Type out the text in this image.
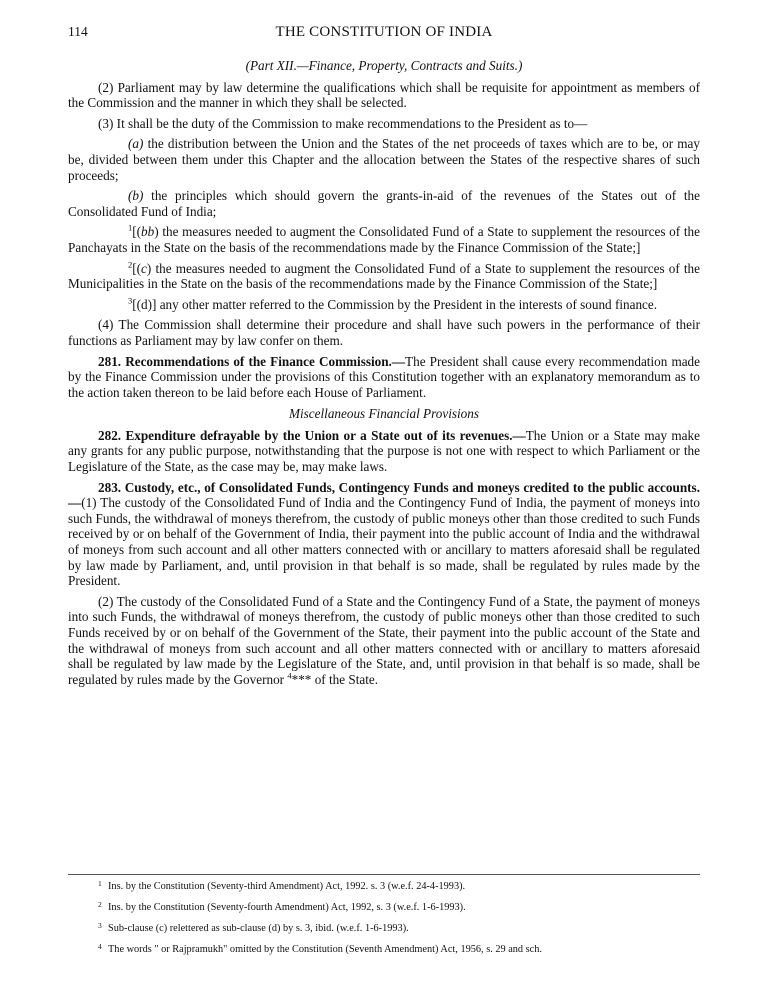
114	THE CONSTITUTION OF INDIA
(Part XII.—Finance, Property, Contracts and Suits.)

(2) Parliament may by law determine the qualifications which shall be requisite for appointment as members of the Commission and the manner in which they shall be selected.

(3) It shall be the duty of the Commission to make recommendations to the President as to—

(a) the distribution between the Union and the States of the net proceeds of taxes which are to be, or may be, divided between them under this Chapter and the allocation between the States of the respective shares of such proceeds;

(b) the principles which should govern the grants-in-aid of the revenues of the States out of the Consolidated Fund of India;

$^1$[(bb) the measures needed to augment the Consolidated Fund of a State to supplement the resources of the Panchayats in the State on the basis of the recommendations made by the Finance Commission of the State;]

$^2$[(c) the measures needed to augment the Consolidated Fund of a State to supplement the resources of the Municipalities in the State on the basis of the recommendations made by the Finance Commission of the State;]

$^3$[(d)] any other matter referred to the Commission by the President in the interests of sound finance.

(4) The Commission shall determine their procedure and shall have such powers in the performance of their functions as Parliament may by law confer on them.

281. Recommendations of the Finance Commission.—The President shall cause every recommendation made by the Finance Commission under the provisions of this Constitution together with an explanatory memorandum as to the action taken thereon to be laid before each House of Parliament.

Miscellaneous Financial Provisions

282. Expenditure defrayable by the Union or a State out of its revenues.—The Union or a State may make any grants for any public purpose, notwithstanding that the purpose is not one with respect to which Parliament or the Legislature of the State, as the case may be, may make laws.

283. Custody, etc., of Consolidated Funds, Contingency Funds and moneys credited to the public accounts.—(1) The custody of the Consolidated Fund of India and the Contingency Fund of India, the payment of moneys into such Funds, the withdrawal of moneys therefrom, the custody of public moneys other than those credited to such Funds received by or on behalf of the Government of India, their payment into the public account of India and the withdrawal of moneys from such account and all other matters connected with or ancillary to matters aforesaid shall be regulated by law made by Parliament, and, until provision in that behalf is so made, shall be regulated by rules made by the President.

(2) The custody of the Consolidated Fund of a State and the Contingency Fund of a State, the payment of moneys into such Funds, the withdrawal of moneys therefrom, the custody of public moneys other than those credited to such Funds received by or on behalf of the Government of the State, their payment into the public account of the State and the withdrawal of moneys from such account and all other matters connected with or ancillary to matters aforesaid shall be regulated by law made by the Legislature of the State, and, until provision in that behalf is so made, shall be regulated by rules made by the Governor $^4$*** of the State.

1 Ins. by the Constitution (Seventy-third Amendment) Act, 1992. s. 3 (w.e.f. 24-4-1993).
2 Ins. by the Constitution (Seventy-fourth Amendment) Act, 1992, s. 3 (w.e.f. 1-6-1993).
3 Sub-clause (c) relettered as sub-clause (d) by s. 3, ibid. (w.e.f. 1-6-1993).
4 The words " or Rajpramukh" omitted by the Constitution (Seventh Amendment) Act, 1956, s. 29 and sch.
